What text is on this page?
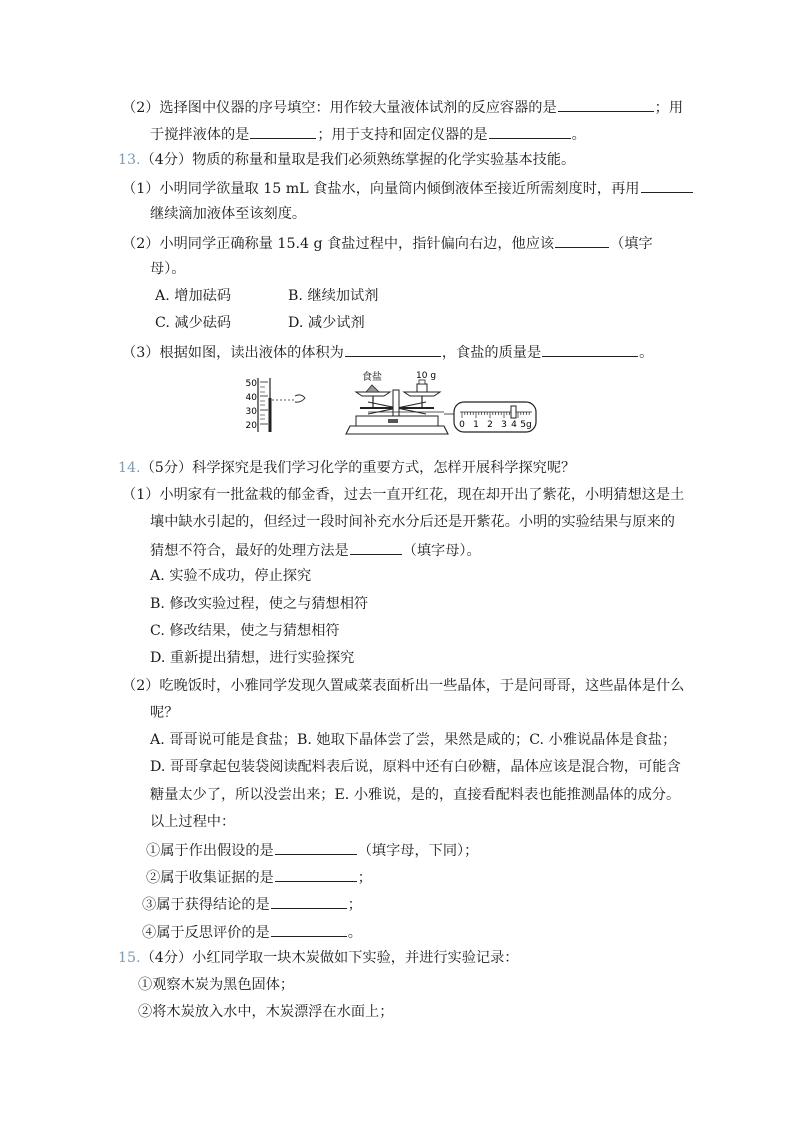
（2）选择图中仪器的序号填空：用作较大量液体试剂的反应容器的是	；用
于搅拌液体的是	；用于支持和固定仪器的是	。
13.（4分）物质的称量和量取是我们必须熟练掌握的化学实验基本技能。
（1）小明同学欲量取 15 mL 食盐水，向量筒内倾倒液体至接近所需刻度时，再用
继续滴加液体至该刻度。
（2）小明同学正确称量 15.4 g 食盐过程中，指针偏向右边，他应该	（填字
母）。
A. 增加砝码	B. 继续加试剂
C. 减少砝码	D. 减少试剂
（3）根据如图，读出液体的体积为	，食盐的质量是	。
50
40
30
20
食盐	10 g
0 1 2 3 4 5g
14.（5分）科学探究是我们学习化学的重要方式，怎样开展科学探究呢？
（1）小明家有一批盆栽的郁金香，过去一直开红花，现在却开出了紫花，小明猜想这是土
壤中缺水引起的，但经过一段时间补充水分后还是开紫花。小明的实验结果与原来的
猜想不符合，最好的处理方法是	（填字母）。
A. 实验不成功，停止探究
B. 修改实验过程，使之与猜想相符
C. 修改结果，使之与猜想相符
D. 重新提出猜想，进行实验探究
（2）吃晚饭时，小雅同学发现久置咸菜表面析出一些晶体，于是问哥哥，这些晶体是什么
呢？
A. 哥哥说可能是食盐；B. 她取下晶体尝了尝，果然是咸的；C. 小雅说晶体是食盐；
D. 哥哥拿起包装袋阅读配料表后说，原料中还有白砂糖，晶体应该是混合物，可能含
糖量太少了，所以没尝出来；E. 小雅说，是的，直接看配料表也能推测晶体的成分。
以上过程中：
①属于作出假设的是	（填字母，下同）；
②属于收集证据的是	；
③属于获得结论的是	；
④属于反思评价的是	。
15.（4分）小红同学取一块木炭做如下实验，并进行实验记录：
①观察木炭为黑色固体；
②将木炭放入水中，木炭漂浮在水面上；
